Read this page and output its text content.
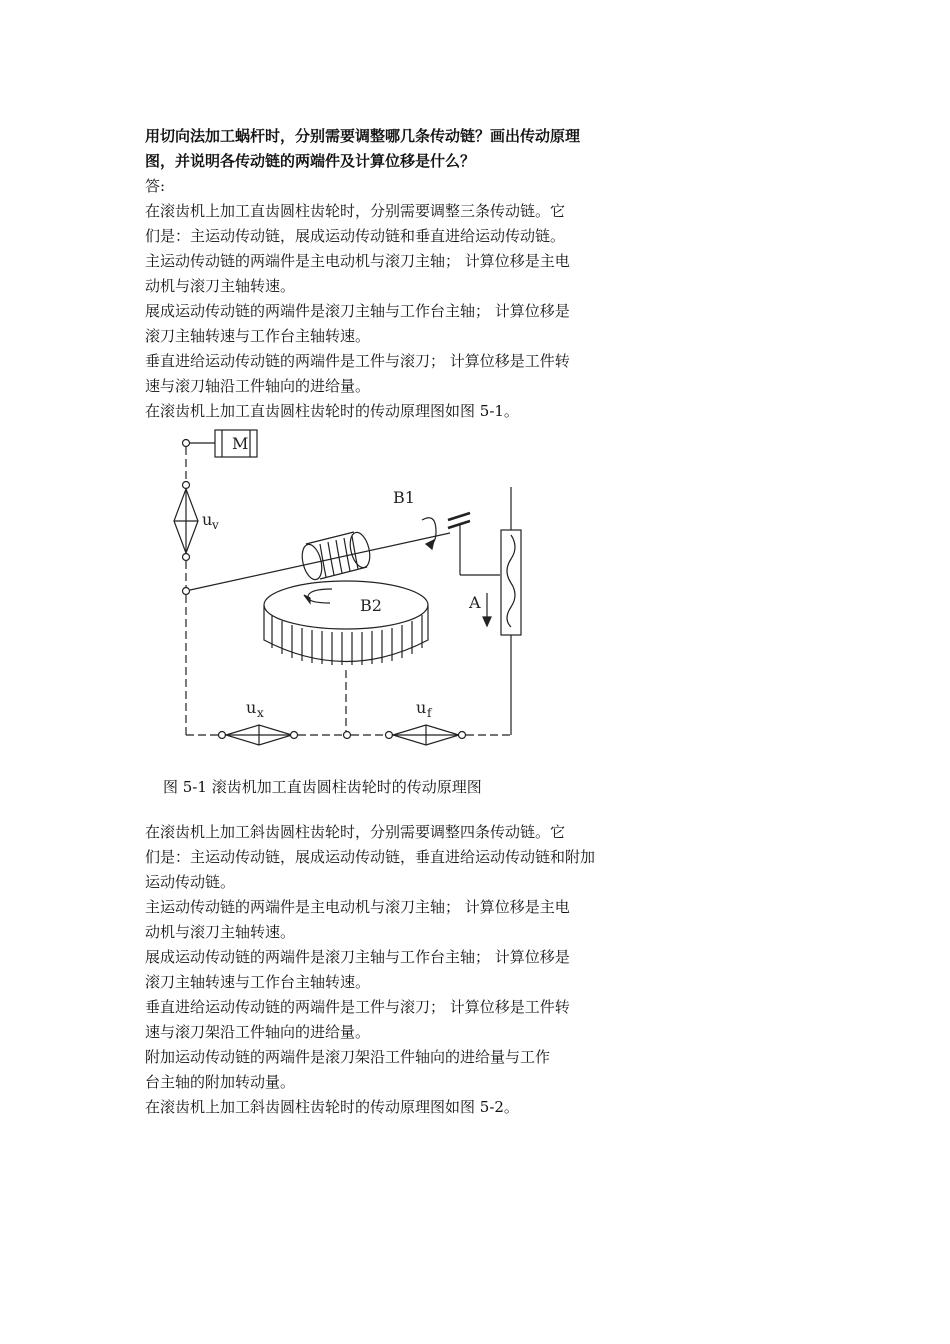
用切向法加工蜗杆时，分别需要调整哪几条传动链？画出传动原理
图，并说明各传动链的两端件及计算位移是什么？
答:
在滚齿机上加工直齿圆柱齿轮时，分别需要调整三条传动链。它
们是：主运动传动链，展成运动传动链和垂直进给运动传动链。
主运动传动链的两端件是主电动机与滚刀主轴； 计算位移是主电
动机与滚刀主轴转速。
展成运动传动链的两端件是滚刀主轴与工作台主轴； 计算位移是
滚刀主轴转速与工作台主轴转速。
垂直进给运动传动链的两端件是工件与滚刀； 计算位移是工件转
速与滚刀轴沿工件轴向的进给量。
在滚齿机上加工直齿圆柱齿轮时的传动原理图如图 5-1。
M
u v
u x	u f
B1
B2	A
图 5-1 滚齿机加工直齿圆柱齿轮时的传动原理图
在滚齿机上加工斜齿圆柱齿轮时，分别需要调整四条传动链。它
们是：主运动传动链，展成运动传动链，垂直进给运动传动链和附加
运动传动链。
主运动传动链的两端件是主电动机与滚刀主轴； 计算位移是主电
动机与滚刀主轴转速。
展成运动传动链的两端件是滚刀主轴与工作台主轴； 计算位移是
滚刀主轴转速与工作台主轴转速。
垂直进给运动传动链的两端件是工件与滚刀； 计算位移是工件转
速与滚刀架沿工件轴向的进给量。
附加运动传动链的两端件是滚刀架沿工件轴向的进给量与工作
台主轴的附加转动量。
在滚齿机上加工斜齿圆柱齿轮时的传动原理图如图 5-2。
